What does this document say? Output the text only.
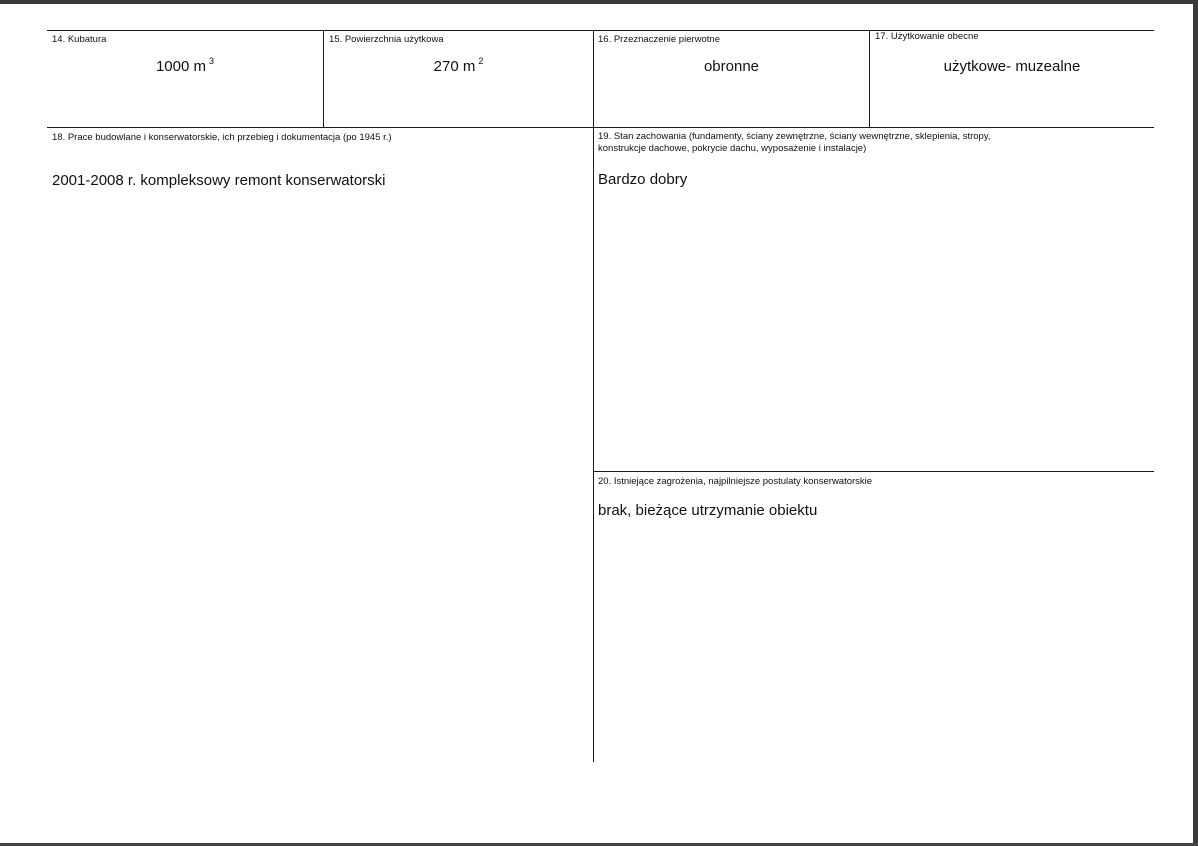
14. Kubatura
1000 m $^3$
15. Powierzchnia użytkowa
270 m $^2$
16. Przeznaczenie pierwotne
obronne
17. Użytkowanie obecne
użytkowe- muzealne
18. Prace budowlane i konserwatorskie, ich przebieg i dokumentacja (po 1945 r.)
2001-2008 r. kompleksowy remont konserwatorski
19. Stan zachowania (fundamenty, ściany zewnętrzne, ściany wewnętrzne, sklepienia, stropy,
konstrukcje dachowe, pokrycie dachu, wyposażenie i instalacje)
Bardzo dobry
20. Istniejące zagrożenia, najpilniejsze postulaty konserwatorskie
brak, bieżące utrzymanie obiektu
